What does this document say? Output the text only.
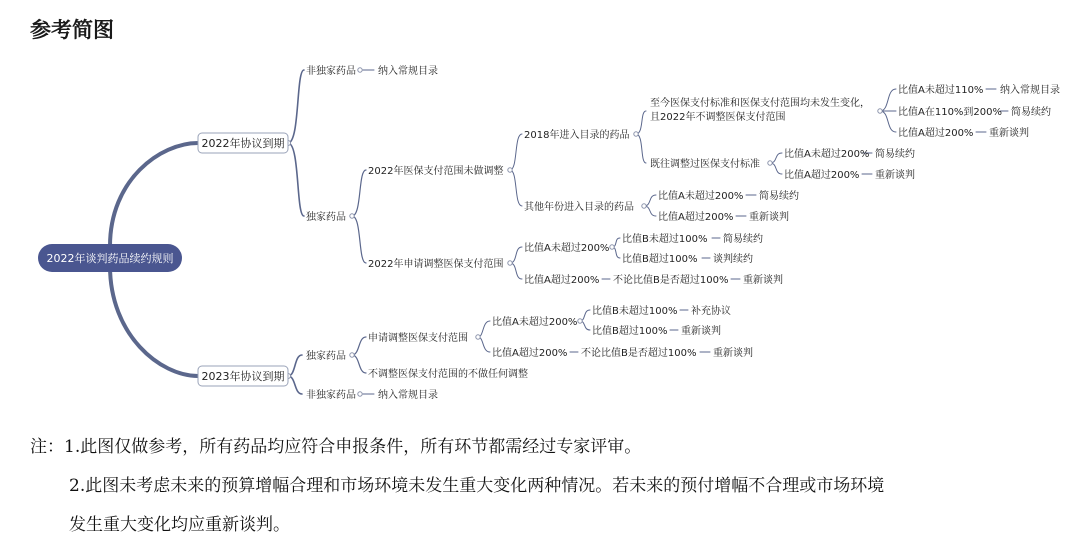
参考简图
2022年谈判药品续约规则
2022年协议到期
2023年协议到期
非独家药品 纳入常规目录
独家药品
2022年医保支付范围未做调整
2018年进入目录的药品
至今医保支付标准和医保支付范围均未发生变化，
且2022年不调整医保支付范围
比值A未超过110% 纳入常规目录
比值A在110%到200% 简易续约
比值A超过200% 重新谈判
既往调整过医保支付标准
比值A未超过200% 简易续约
比值A超过200% 重新谈判
其他年份进入目录的药品
比值A未超过200% 简易续约
比值A超过200% 重新谈判
2022年申请调整医保支付范围
比值A未超过200%
比值B未超过100% 简易续约
比值B超过100% 谈判续约
比值A超过200% 不论比值B是否超过100% 重新谈判
独家药品
申请调整医保支付范围
比值A未超过200%
比值B未超过100% 补充协议
比值B超过100% 重新谈判
比值A超过200% 不论比值B是否超过100% 重新谈判
不调整医保支付范围的不做任何调整
非独家药品 纳入常规目录
注：1.此图仅做参考，所有药品均应符合申报条件，所有环节都需经过专家评审。
2.此图未考虑未来的预算增幅合理和市场环境未发生重大变化两种情况。若未来的预付增幅不合理或市场环境
发生重大变化均应重新谈判。
